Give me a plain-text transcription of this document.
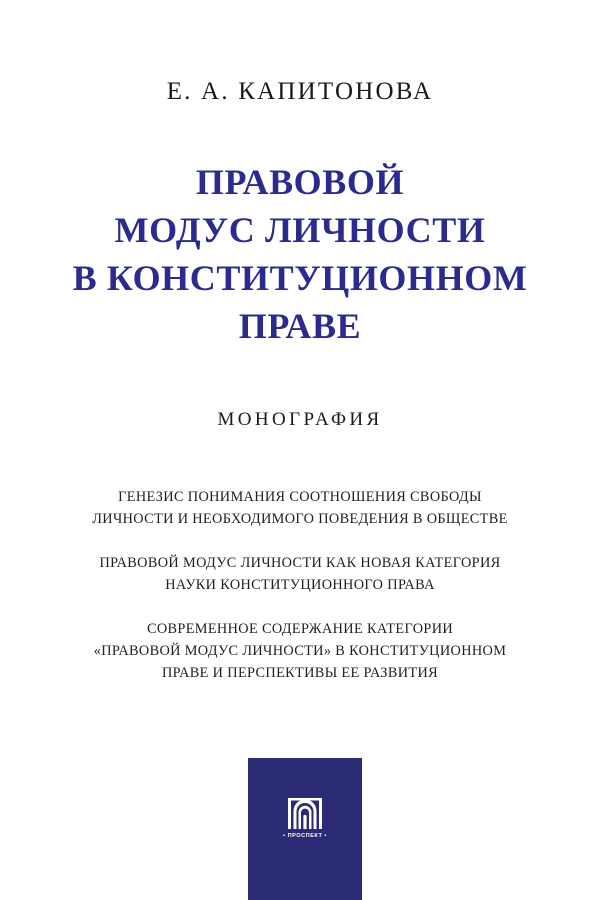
Е. А. КАПИТОНОВА
ПРАВОВОЙ
МОДУС ЛИЧНОСТИ
В КОНСТИТУЦИОННОМ
ПРАВЕ
МОНОГРАФИЯ
ГЕНЕЗИС ПОНИМАНИЯ СООТНОШЕНИЯ СВОБОДЫ
ЛИЧНОСТИ И НЕОБХОДИМОГО ПОВЕДЕНИЯ В ОБЩЕСТВЕ
ПРАВОВОЙ МОДУС ЛИЧНОСТИ КАК НОВАЯ КАТЕГОРИЯ
НАУКИ КОНСТИТУЦИОННОГО ПРАВА
СОВРЕМЕННОЕ СОДЕРЖАНИЕ КАТЕГОРИИ
«ПРАВОВОЙ МОДУС ЛИЧНОСТИ» В КОНСТИТУЦИОННОМ
ПРАВЕ И ПЕРСПЕКТИВЫ ЕЕ РАЗВИТИЯ
• ПРОСПЕКТ •
